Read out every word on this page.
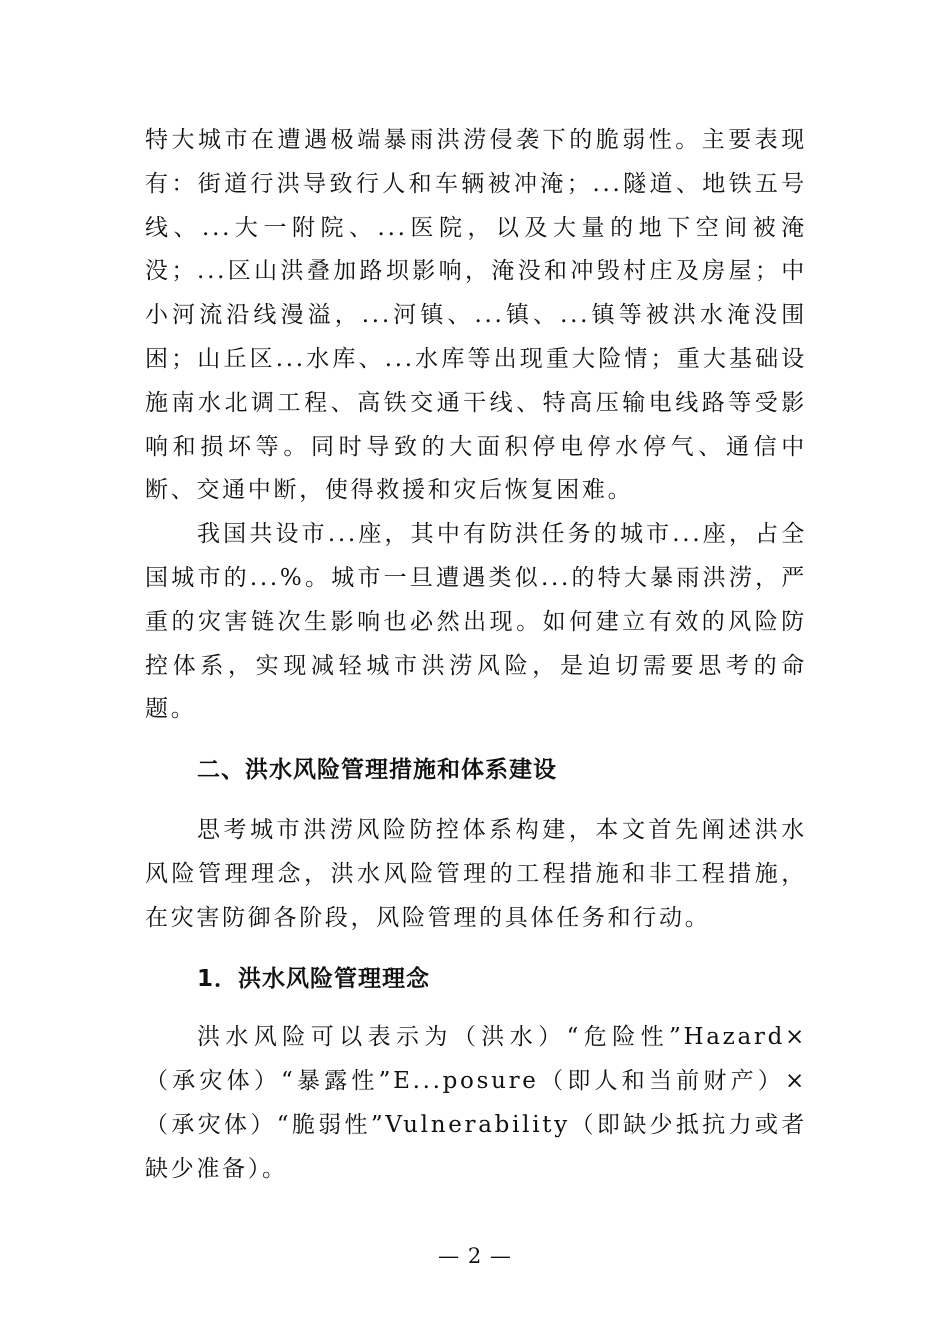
特大城市在遭遇极端暴雨洪涝侵袭下的脆弱性。主要表现有：街道行洪导致行人和车辆被冲淹；...隧道、地铁五号线、...大一附院、...医院，以及大量的地下空间被淹没；...区山洪叠加路坝影响，淹没和冲毁村庄及房屋；中小河流沿线漫溢，...河镇、...镇、...镇等被洪水淹没围困；山丘区...水库、...水库等出现重大险情；重大基础设施南水北调工程、高铁交通干线、特高压输电线路等受影响和损坏等。同时导致的大面积停电停水停气、通信中断、交通中断，使得救援和灾后恢复困难。

我国共设市...座，其中有防洪任务的城市...座，占全国城市的...%。城市一旦遭遇类似...的特大暴雨洪涝，严重的灾害链次生影响也必然出现。如何建立有效的风险防控体系，实现减轻城市洪涝风险，是迫切需要思考的命题。

二、洪水风险管理措施和体系建设

思考城市洪涝风险防控体系构建，本文首先阐述洪水风险管理理念，洪水风险管理的工程措施和非工程措施，在灾害防御各阶段，风险管理的具体任务和行动。

1．洪水风险管理理念

洪水风险可以表示为（洪水）“危险性”Hazard×（承灾体）“暴露性”E...posure（即人和当前财产）×（承灾体）“脆弱性”Vulnerability（即缺少抵抗力或者缺少准备）。

— 2 —
